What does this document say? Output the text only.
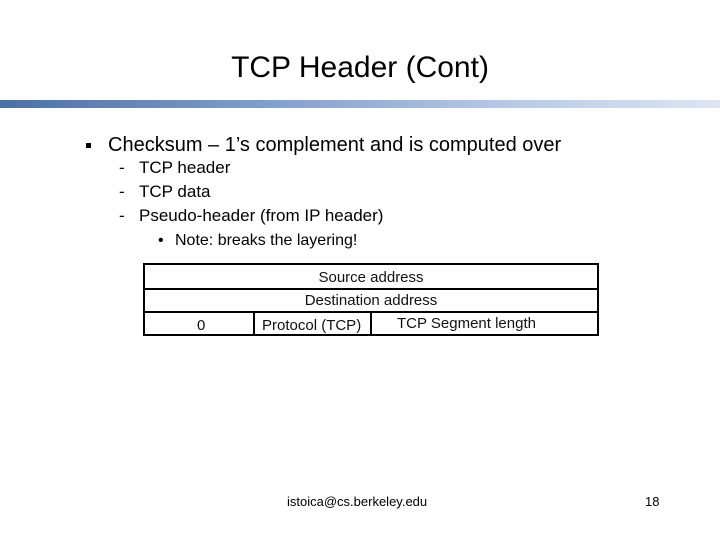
TCP Header (Cont)
Checksum – 1’s complement and is computed over
- TCP header
- TCP data
- Pseudo-header (from IP header)
• Note: breaks the layering!
Source address
Destination address
0	Protocol (TCP) TCP Segment length
istoica@cs.berkeley.edu	18
